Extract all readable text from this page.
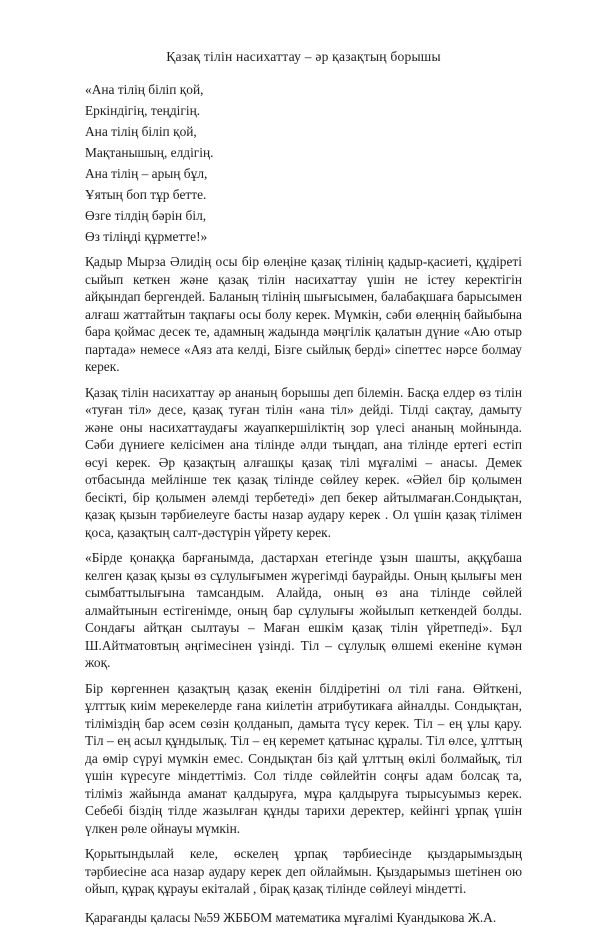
Қазақ тілін насихаттау – әр қазақтың борышы
«Ана тілің біліп қой,
Еркіндігің, теңдігің.
Ана тілің біліп қой,
Мақтанышың, елдігің.
Ана тілің – арың бұл,
Ұятың боп тұр бетте.
Өзге тілдің бәрін біл,
Өз тіліңді құрметте!»

Қадыр Мырза Әлидің осы бір өлеңіне қазақ тілінің қадыр-қасиеті, құдіреті сыйып кеткен және қазақ тілін насихаттау үшін не істеу керектігін айқындап бергендей. Баланың тілінің шығысымен, балабақшаға барысымен алғаш жаттайтын тақпағы осы болу керек. Мүмкін, сәби өлеңнің байыбына бара қоймас десек те, адамның жадында мәңгілік қалатын дүние «Аю отыр партада» немесе «Аяз ата келді, Бізге сыйлық берді» сіпеттес нәрсе болмау керек.

Қазақ тілін насихаттау әр ананың борышы деп білемін. Басқа елдер өз тілін «туған тіл» десе, қазақ туған тілін «ана тіл» дейді. Тілді сақтау, дамыту және оны насихаттаудағы жауапкершіліктің зор үлесі ананың мойнында. Сәби дүниеге келісімен ана тілінде әлди тыңдап, ана тілінде ертегі естіп өсуі керек. Әр қазақтың алғашқы қазақ тілі мұғалімі – анасы. Демек отбасында мейлінше тек қазақ тілінде сөйлеу керек. «Әйел бір қолымен бесікті, бір қолымен әлемді тербетеді» деп бекер айтылмаған.Сондықтан, қазақ қызын тәрбиелеуге басты назар аудару керек . Ол үшін қазақ тілімен қоса, қазақтың салт-дәстүрін үйрету керек.

«Бірде қонаққа барғанымда, дастархан етегінде ұзын шашты, аққұбаша келген қазақ қызы өз сұлулығымен жүрегімді баурайды. Оның қылығы мен сымбаттылығына тамсандым. Алайда, оның өз ана тілінде сөйлей алмайтынын естігенімде, оның бар сұлулығы жойылып кеткендей болды. Сондағы айтқан сылтауы – Маған ешкім қазақ тілін үйретпеді». Бұл Ш.Айтматовтың әңгімесінен үзінді. Тіл – сұлулық өлшемі екеніне күмән жоқ.

Бір көргеннен қазақтың қазақ екенін білдіретіні ол тілі ғана. Өйткені, ұлттық киім мерекелерде ғана киілетін атрибутикаға айналды. Сондықтан, тіліміздің бар әсем сөзін қолданып, дамыта түсу керек. Тіл – ең ұлы қару. Тіл – ең асыл құндылық. Тіл – ең керемет қатынас құралы. Тіл өлсе, ұлттың да өмір сүруі мүмкін емес. Сондықтан біз қай ұлттың өкілі болмайық, тіл үшін күресуге міндеттіміз. Сол тілде сөйлейтін соңғы адам болсақ та, тіліміз жайында аманат қалдыруға, мұра қалдыруға тырысуымыз керек. Себебі біздің тілде жазылған құнды тарихи деректер, кейінгі ұрпақ үшін үлкен рөле ойнауы мүмкін.

Қорытындылай келе, өскелең ұрпақ тәрбиесінде қыздарымыздың тәрбиесіне аса назар аудару керек деп ойлаймын. Қыздарымыз шетінен ою ойып, құрақ құрауы екіталай , бірақ қазақ тілінде сөйлеуі міндетті.

Қарағанды қаласы №59 ЖББОМ математика мұғалімі Куандыкова Ж.А.
